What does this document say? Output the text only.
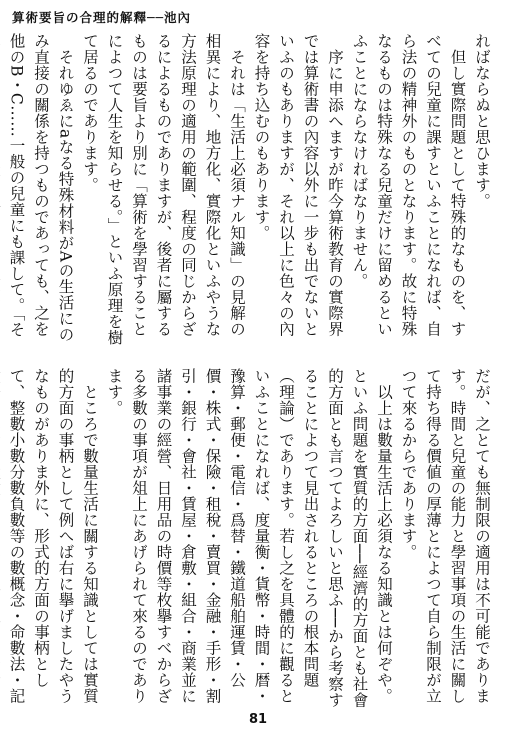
算術要旨の合理的解釋──池內

ればならぬと思ひます。

　但し實際問題として特殊的なものを、すべての兒童に課すといふことになれば、自ら法の精神外のものとなります。故に特殊なるものは特殊なる兒童だけに留めるといふことにならなければなりません。

　序に申添へますが昨今算術教育の實際界では算術書の內容以外に一步も出でないといふのもありますが、それ以上に色々の內容を持ち込むのもあります。

　それは「生活上必須ナル知識」の見解の相異により、地方化、實際化といふやうな方法原理の適用の範圍、程度の同じからざるによるものでありますが、後者に屬するものは要旨より別に「算術を學習することによつて人生を知らせる。」といふ原理を樹て居るのであります。

　それゆゑにaなる特殊材料がAの生活にのみ直接の關係を持つものであっても、之を他のB・C……一般の兒童にも課して。「そ

だが、之とても無制限の適用は不可能であります。時間と兒童の能力と學習事項の生活に關して持ち得る價値の厚薄とによつて自ら制限が立つて來るからであります。

　以上は數量生活上必須なる知識とは何ぞや。といふ問題を實質的方面──經濟的方面とも社會的方面とも言つてよろしいと思ふ──から考察することによつて見出されるところの根本問題（理論）であります。若し之を具體的に觀るといふことになれば、度量衡・貨幣・時間・暦・豫算・郵便・電信・爲替・鐵道船舶運賃・公價・株式・保險・租稅・賣買・金融・手形・割引・銀行・會社・賃屋・倉敷・組合・商業並に諸事業の經營、日用品の時價等枚擧すべからざる多數の事項が俎上にあげられて來るのであります。

　ところで數量生活に關する知識としては實質的方面の事柄として例へば右に擧げましたやうなものがありま外に、形式的方面の事柄として、整數小數分數負數等の數概念・命數法・記

81
